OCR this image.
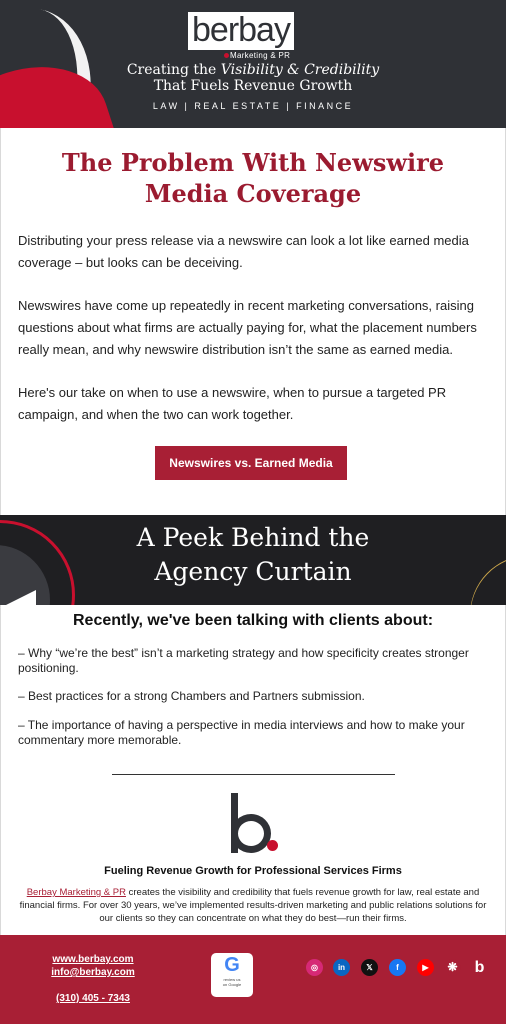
berbay
Marketing & PR
Creating the Visibility & Credibility
That Fuels Revenue Growth
LAW | REAL ESTATE | FINANCE
The Problem With Newswire
Media Coverage

Distributing your press release via a newswire can look a lot like earned media coverage – but looks can be deceiving.

Newswires have come up repeatedly in recent marketing conversations, raising questions about what firms are actually paying for, what the placement numbers really mean, and why newswire distribution isn’t the same as earned media.

Here's our take on when to use a newswire, when to pursue a targeted PR campaign, and when the two can work together.

Newswires vs. Earned Media
A Peek Behind the
Agency Curtain
Recently, we've been talking with clients about:

– Why “we’re the best” isn’t a marketing strategy and how specificity creates stronger positioning.

– Best practices for a strong Chambers and Partners submission.

– The importance of having a perspective in media interviews and how to make your commentary more memorable.

Fueling Revenue Growth for Professional Services Firms

Berbay Marketing & PR creates the visibility and credibility that fuels revenue growth for law, real estate and financial firms. For over 30 years, we’ve implemented results-driven marketing and public relations solutions for our clients so they can concentrate on what they do best—run their firms.

www.berbay.com
info@berbay.com
(310) 405 - 7343
G
review us
on Google
◎	in	𝕏	f	▶	❋ b
